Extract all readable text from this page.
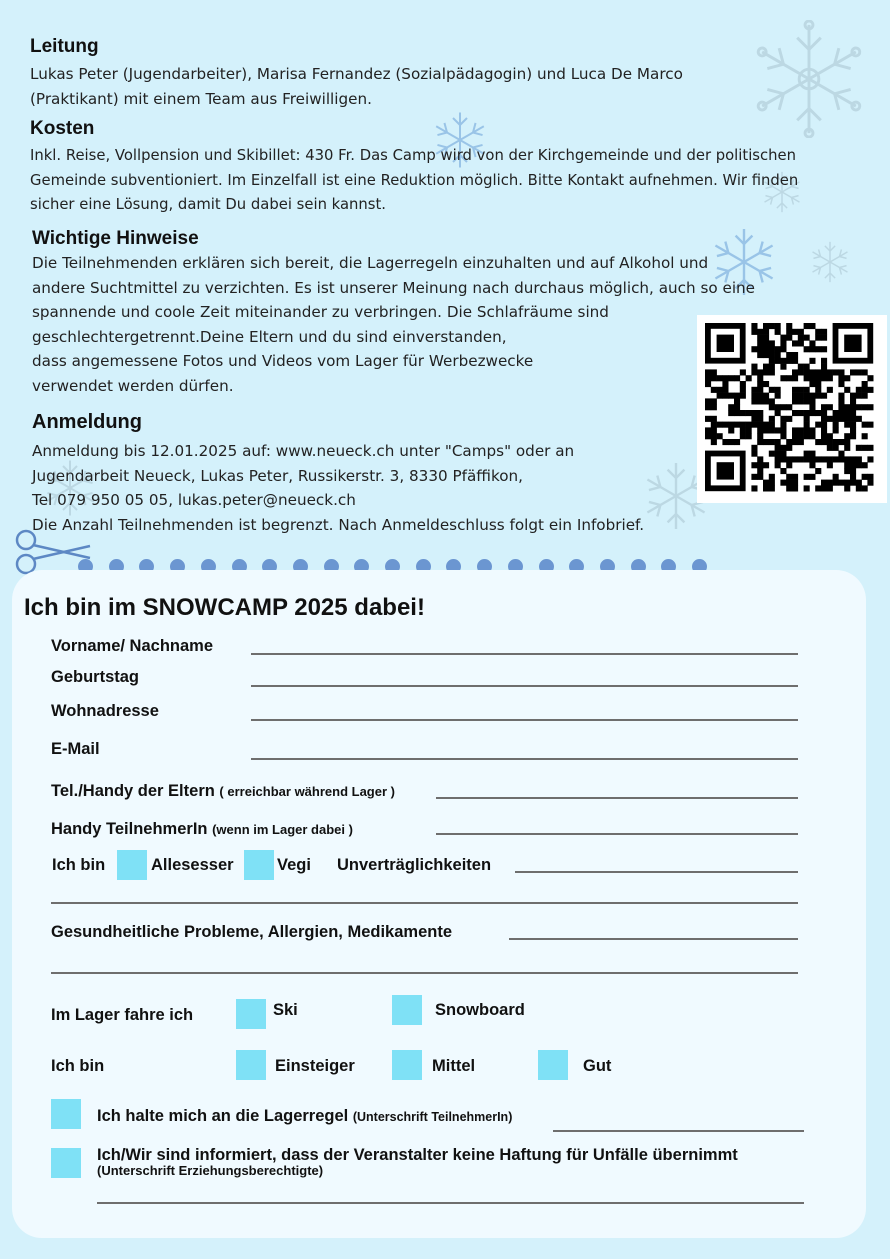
Leitung
Lukas Peter (Jugendarbeiter), Marisa Fernandez (Sozialpädagogin) und Luca De Marco
(Praktikant) mit einem Team aus Freiwilligen.
Kosten
Inkl. Reise, Vollpension und Skibillet: 430 Fr. Das Camp wird von der Kirchgemeinde und der politischen
Gemeinde subventioniert. Im Einzelfall ist eine Reduktion möglich. Bitte Kontakt aufnehmen. Wir finden
sicher eine Lösung, damit Du dabei sein kannst.
Wichtige Hinweise
Die Teilnehmenden erklären sich bereit, die Lagerregeln einzuhalten und auf Alkohol und
andere Suchtmittel zu verzichten. Es ist unserer Meinung nach durchaus möglich, auch so eine
spannende und coole Zeit miteinander zu verbringen. Die Schlafräume sind
geschlechtergetrennt.Deine Eltern und du sind einverstanden,
dass angemessene Fotos und Videos vom Lager für Werbezwecke
verwendet werden dürfen.
Anmeldung
Anmeldung bis 12.01.2025 auf: www.neueck.ch unter "Camps" oder an
Jugendarbeit Neueck, Lukas Peter, Russikerstr. 3, 8330 Pfäffikon,
Tel 079 950 05 05, lukas.peter@neueck.ch
Die Anzahl Teilnehmenden ist begrenzt. Nach Anmeldeschluss folgt ein Infobrief.
Ich bin im SNOWCAMP 2025 dabei!
Vorname/ Nachname
Geburtstag
Wohnadresse
E-Mail
Tel./Handy der Eltern ( erreichbar während Lager )
Handy TeilnehmerIn (wenn im Lager dabei )
Ich bin	Allesesser	Vegi Unverträglichkeiten
Gesundheitliche Probleme, Allergien, Medikamente
Im Lager fahre ich	Ski	Snowboard
Ich bin	Einsteiger	Mittel	Gut
Ich halte mich an die Lagerregel (Unterschrift TeilnehmerIn)
Ich/Wir sind informiert, dass der Veranstalter keine Haftung für Unfälle übernimmt
(Unterschrift Erziehungsberechtigte)
